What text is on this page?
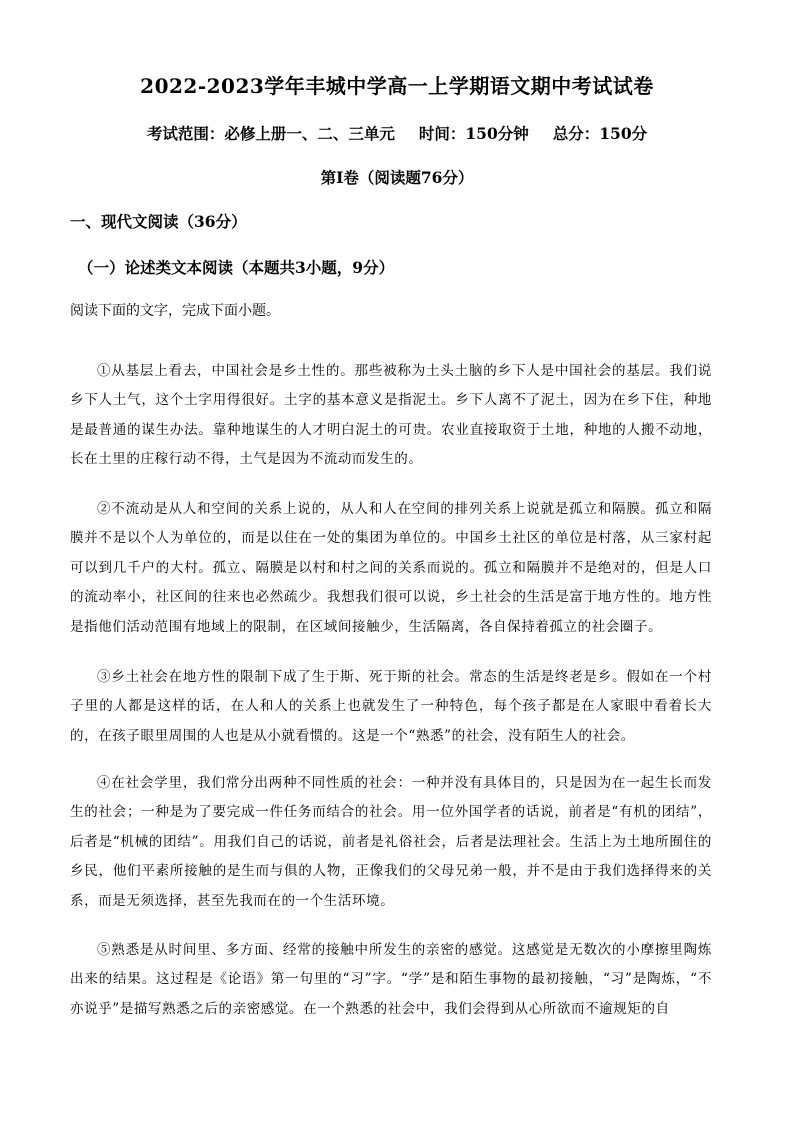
2022-2023学年丰城中学高一上学期语文期中考试试卷
考试范围：必修上册一、二、三单元 时间：150分钟 总分：150分
第Ⅰ卷（阅读题76分）
一、现代文阅读（36分）
（一）论述类文本阅读（本题共3小题，9分）
阅读下面的文字，完成下面小题。

①从基层上看去，中国社会是乡土性的。那些被称为土头土脑的乡下人是中国社会的基层。我们说乡下人土气，这个土字用得很好。土字的基本意义是指泥土。乡下人离不了泥土，因为在乡下住，种地是最普通的谋生办法。靠种地谋生的人才明白泥土的可贵。农业直接取资于土地，种地的人搬不动地，长在土里的庄稼行动不得，土气是因为不流动而发生的。

②不流动是从人和空间的关系上说的，从人和人在空间的排列关系上说就是孤立和隔膜。孤立和隔膜并不是以个人为单位的，而是以住在一处的集团为单位的。中国乡土社区的单位是村落，从三家村起可以到几千户的大村。孤立、隔膜是以村和村之间的关系而说的。孤立和隔膜并不是绝对的，但是人口的流动率小，社区间的往来也必然疏少。我想我们很可以说，乡土社会的生活是富于地方性的。地方性是指他们活动范围有地域上的限制，在区域间接触少，生活隔离，各自保持着孤立的社会圈子。

③乡土社会在地方性的限制下成了生于斯、死于斯的社会。常态的生活是终老是乡。假如在一个村子里的人都是这样的话，在人和人的关系上也就发生了一种特色，每个孩子都是在人家眼中看着长大的，在孩子眼里周围的人也是从小就看惯的。这是一个“熟悉”的社会，没有陌生人的社会。

④在社会学里，我们常分出两种不同性质的社会：一种并没有具体目的，只是因为在一起生长而发生的社会；一种是为了要完成一件任务而结合的社会。用一位外国学者的话说，前者是“有机的团结”，后者是“机械的团结”。用我们自己的话说，前者是礼俗社会，后者是法理社会。生活上为土地所囿住的乡民，他们平素所接触的是生而与俱的人物，正像我们的父母兄弟一般，并不是由于我们选择得来的关系，而是无须选择，甚至先我而在的一个生活环境。

⑤熟悉是从时间里、多方面、经常的接触中所发生的亲密的感觉。这感觉是无数次的小摩擦里陶炼出来的结果。这过程是《论语》第一句里的“习”字。“学”是和陌生事物的最初接触，“习”是陶炼，“不亦说乎”是描写熟悉之后的亲密感觉。在一个熟悉的社会中，我们会得到从心所欲而不逾规矩的自
